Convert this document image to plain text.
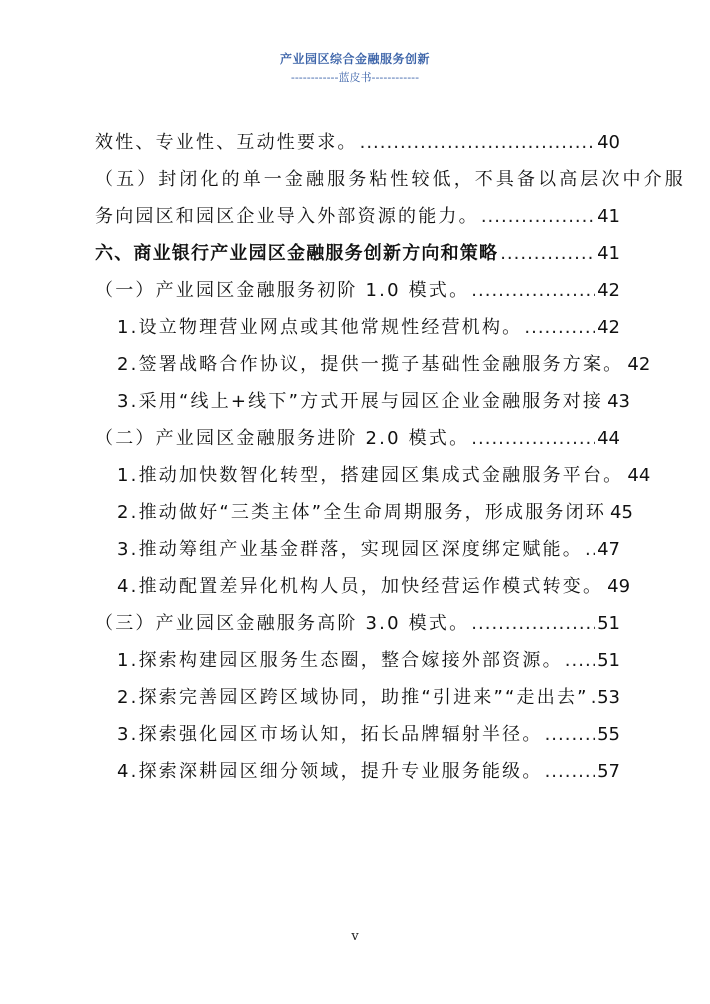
产业园区综合金融服务创新
------------蓝皮书------------
效性、专业性、互动性要求。 .....	40
（五）封闭化的单一金融服务粘性较低，不具备以高层次中介服
务向园区和园区企业导入外部资源的能力。 .....	41
六、商业银行产业园区金融服务创新方向和策略 .....	41
（一）产业园区金融服务初阶 1.0 模式。 .....	42
1.设立物理营业网点或其他常规性经营机构。 .....	42
2.签署战略合作协议，提供一揽子基础性金融服务方案。 42
3.采用“线上+线下”方式开展与园区企业金融服务对接 43
（二）产业园区金融服务进阶 2.0 模式。 .....	44
1.推动加快数智化转型，搭建园区集成式金融服务平台。 44
2.推动做好“三类主体”全生命周期服务，形成服务闭环 45
3.推动筹组产业基金群落，实现园区深度绑定赋能。 ..... 47
4.推动配置差异化机构人员，加快经营运作模式转变。 49
（三）产业园区金融服务高阶 3.0 模式。 .....	51
1.探索构建园区服务生态圈，整合嫁接外部资源。 ..... 51
2.探索完善园区跨区域协同，助推“引进来”“走出去” ..... 53
3.探索强化园区市场认知，拓长品牌辐射半径。 .....	55
4.探索深耕园区细分领域，提升专业服务能级。 .....	57
v
